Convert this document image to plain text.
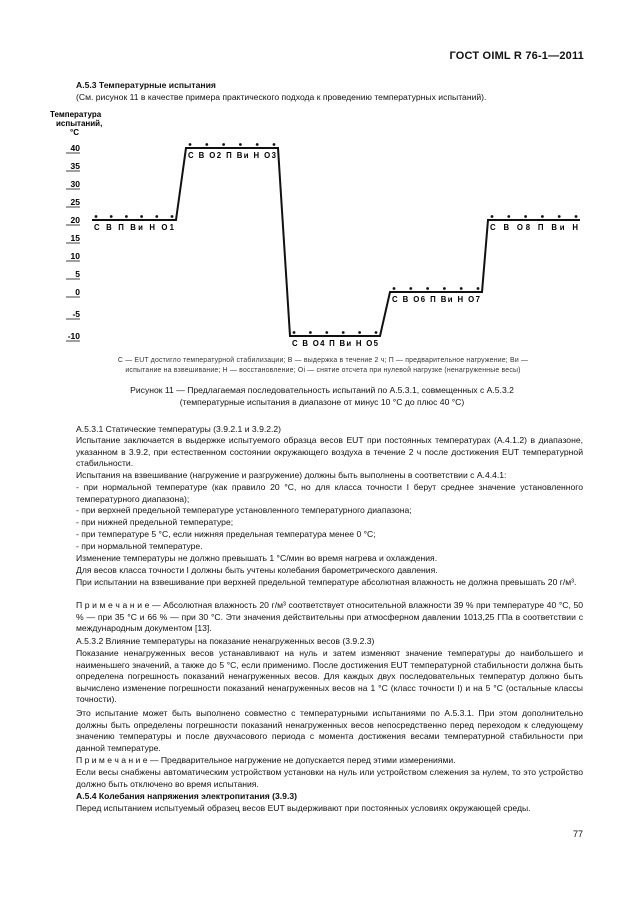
ГОСТ OIML R 76-1—2011

А.5.3 Температурные испытания

(См. рисунок 11 в качестве примера практического подхода к проведению температурных испытаний).

Температура
испытаний,
°С
40
35
30
25
20
15
10
5
0
-5
-10
С В П Ви Н О1
С В О2 П Ви Н О3
С В О4 П Ви Н О5
С В О6 П Ви Н О7
С В О8 П Ви Н
С — EUT достигло температурной стабилизации; В — выдержка в течение 2 ч; П — предварительное нагружение; Ви —
испытание на взвешивание; Н — восстановление; Oi — снятие отсчета при нулевой нагрузке (ненагруженные весы)
Рисунок 11 — Предлагаемая последовательность испытаний по А.5.3.1, совмещенных с А.5.3.2
(температурные испытания в диапазоне от минус 10 °С до плюс 40 °С)

А.5.3.1 Статические температуры (3.9.2.1 и 3.9.2.2)

Испытание заключается в выдержке испытуемого образца весов EUT при постоянных температурах (А.4.1.2) в диапазоне, указанном в 3.9.2, при естественном состоянии окружающего воздуха в течение 2 ч после достижения EUT температурной стабильности.

Испытания на взвешивание (нагружение и разгружение) должны быть выполнены в соответствии с А.4.4.1:

- при нормальной температуре (как правило 20 °С, но для класса точности I берут среднее значение установленного температурного диапазона);

- при верхней предельной температуре установленного температурного диапазона;

- при нижней предельной температуре;

- при температуре 5 °С, если нижняя предельная температура менее 0 °С;

- при нормальной температуре.

Изменение температуры не должно превышать 1 °С/мин во время нагрева и охлаждения.

Для весов класса точности I должны быть учтены колебания барометрического давления.

При испытании на взвешивание при верхней предельной температуре абсолютная влажность не должна превышать 20 г/м³.

П р и м е ч а н и е — Абсолютная влажность 20 г/м³ соответствует относительной влажности 39 % при температуре 40 °С, 50 % — при 35 °С и 66 % — при 30 °С. Эти значения действительны при атмосферном давлении 1013,25 ГПа в соответствии с международным документом [13].

А.5.3.2 Влияние температуры на показание ненагруженных весов (3.9.2.3)

Показание ненагруженных весов устанавливают на нуль и затем изменяют значение температуры до наибольшего и наименьшего значений, а также до 5 °С, если применимо. После достижения EUT температурной стабильности должна быть определена погрешность показаний ненагруженных весов. Для каждых двух последовательных температур должно быть вычислено изменение погрешности показаний ненагруженных весов на 1 °С (класс точности I) и на 5 °С (остальные классы точности).

Это испытание может быть выполнено совместно с температурными испытаниями по А.5.3.1. При этом дополнительно должны быть определены погрешности показаний ненагруженных весов непосредственно перед переходом к следующему значению температуры и после двухчасового периода с момента достижения весами температурной стабильности при данной температуре.

П р и м е ч а н и е — Предварительное нагружение не допускается перед этими измерениями.

Если весы снабжены автоматическим устройством установки на нуль или устройством слежения за нулем, то это устройство должно быть отключено во время испытания.

А.5.4 Колебания напряжения электропитания (3.9.3)

Перед испытанием испытуемый образец весов EUT выдерживают при постоянных условиях окружающей среды.

77
